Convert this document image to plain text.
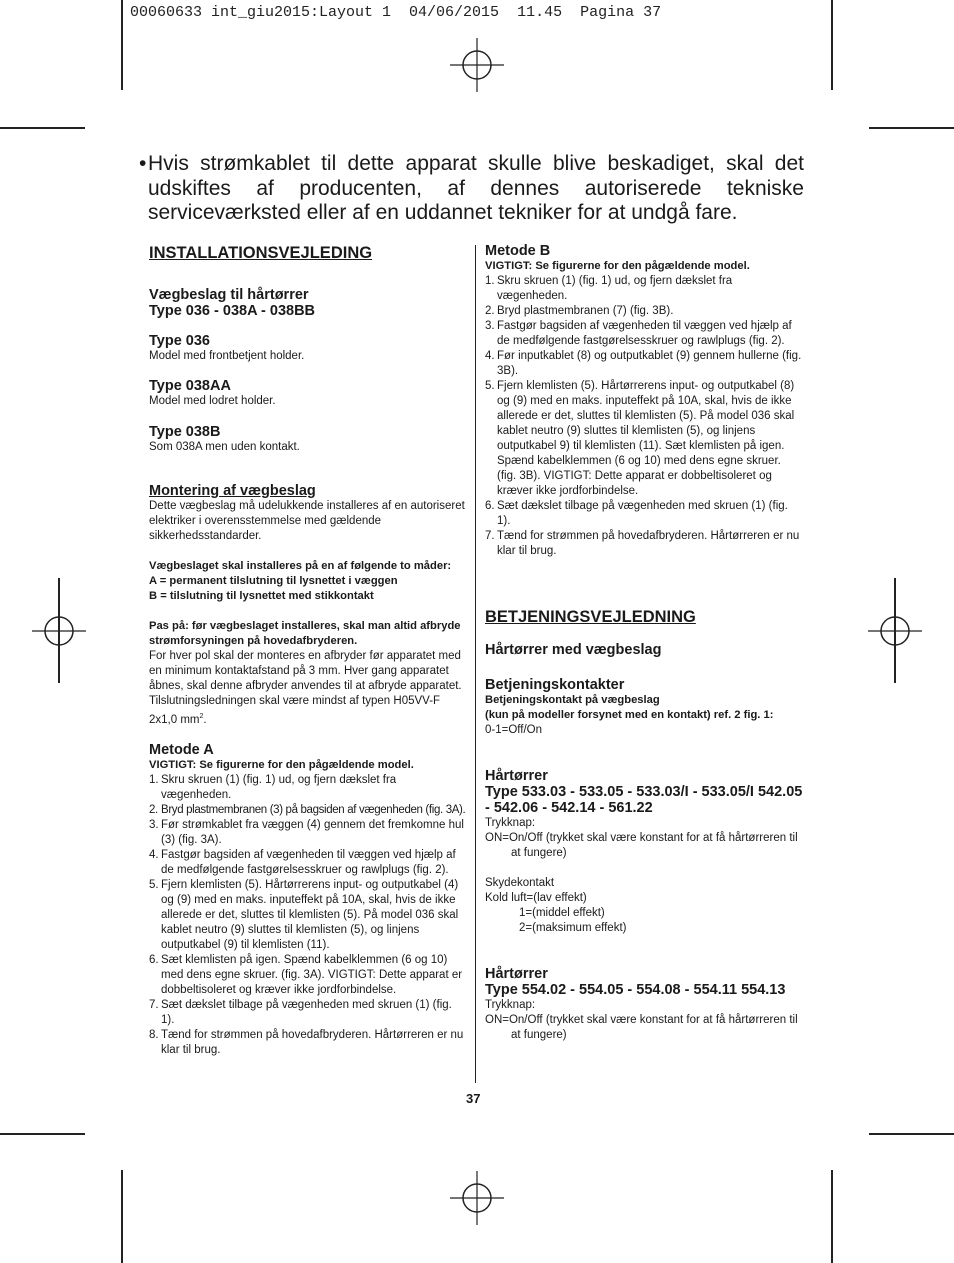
00060633 int_giu2015:Layout 1  04/06/2015  11.45  Pagina 37
• Hvis strømkablet til dette apparat skulle blive beskadiget, skal det udskiftes af producenten, af dennes autoriserede tekniske serviceværksted eller af en uddannet tekniker for at undgå fare.
INSTALLATIONSVEJLEDING
Vægbeslag til hårtørrer
Type 036 - 038A - 038BB
Type 036
Model med frontbetjent holder.
Type 038AA
Model med lodret holder.
Type 038B
Som 038A men uden kontakt.
Montering af vægbeslag
Dette vægbeslag må udelukkende installeres af en autoriseret elektriker i overensstemmelse med gældende sikkerhedsstandarder.
Vægbeslaget skal installeres på en af følgende to måder:
A = permanent tilslutning til lysnettet i væggen
B = tilslutning til lysnettet med stikkontakt
Pas på: før vægbeslaget installeres, skal man altid afbryde strømforsyningen på hovedafbryderen.
For hver pol skal der monteres en afbryder før apparatet med en minimum kontaktafstand på 3 mm. Hver gang apparatet åbnes, skal denne afbryder anvendes til at afbryde apparatet.
Tilslutningsledningen skal være mindst af typen H05VV-F 2x1,0 $mm^2$.
Metode A
VIGTIGT: Se figurerne for den pågældende model.
1. Skru skruen (1) (fig. 1) ud, og fjern dækslet fra vægenheden.
2. Bryd plastmembranen (3) på bagsiden af vægenheden (fig. 3A).
3. Før strømkablet fra væggen (4) gennem det fremkomne hul (3) (fig. 3A).
4. Fastgør bagsiden af vægenheden til væggen ved hjælp af de medfølgende fastgørelsesskruer og rawlplugs (fig. 2).
5. Fjern klemlisten (5). Hårtørrerens input- og outputkabel (4) og (9) med en maks. inputeffekt på 10A, skal, hvis de ikke allerede er det, sluttes til klemlisten (5). På model 036 skal kablet neutro (9) sluttes til klemlisten (5), og linjens outputkabel (9) til klemlisten (11).
6. Sæt klemlisten på igen. Spænd kabelklemmen (6 og 10) med dens egne skruer. (fig. 3A). VIGTIGT: Dette apparat er dobbeltisoleret og kræver ikke jordforbindelse.
7. Sæt dækslet tilbage på vægenheden med skruen (1) (fig. 1).
8. Tænd for strømmen på hovedafbryderen. Hårtørreren er nu klar til brug.
Metode B
VIGTIGT: Se figurerne for den pågældende model.
1. Skru skruen (1) (fig. 1) ud, og fjern dækslet fra vægenheden.
2. Bryd plastmembranen (7) (fig. 3B).
3. Fastgør bagsiden af vægenheden til væggen ved hjælp af de medfølgende fastgørelsesskruer og rawlplugs (fig. 2).
4. Før inputkablet (8) og outputkablet (9) gennem hullerne (fig. 3B).
5. Fjern klemlisten (5). Hårtørrerens input- og outputkabel (8) og (9) med en maks. inputeffekt på 10A, skal, hvis de ikke allerede er det, sluttes til klemlisten (5). På model 036 skal kablet neutro (9) sluttes til klemlisten (5), og linjens outputkabel 9) til klemlisten (11). Sæt klemlisten på igen. Spænd kabelklemmen (6 og 10) med dens egne skruer. (fig. 3B). VIGTIGT: Dette apparat er dobbeltisoleret og kræver ikke jordforbindelse.
6. Sæt dækslet tilbage på vægenheden med skruen (1) (fig. 1).
7. Tænd for strømmen på hovedafbryderen. Hårtørreren er nu klar til brug.
BETJENINGSVEJLEDNING
Hårtørrer med vægbeslag
Betjeningskontakter
Betjeningskontakt på vægbeslag
(kun på modeller forsynet med en kontakt) ref. 2 fig. 1:
0-1=Off/On
Hårtørrer
Type 533.03 - 533.05 - 533.03/I - 533.05/I 542.05 - 542.06 - 542.14 - 561.22
Trykknap:
ON=On/Off (trykket skal være konstant for at få hårtørreren til at fungere)
Skydekontakt
Kold luft=(lav effekt)
1=(middel effekt)
2=(maksimum effekt)
Hårtørrer
Type 554.02 - 554.05 - 554.08 - 554.11 554.13
Trykknap:
ON=On/Off (trykket skal være konstant for at få hårtørreren til at fungere)
37
